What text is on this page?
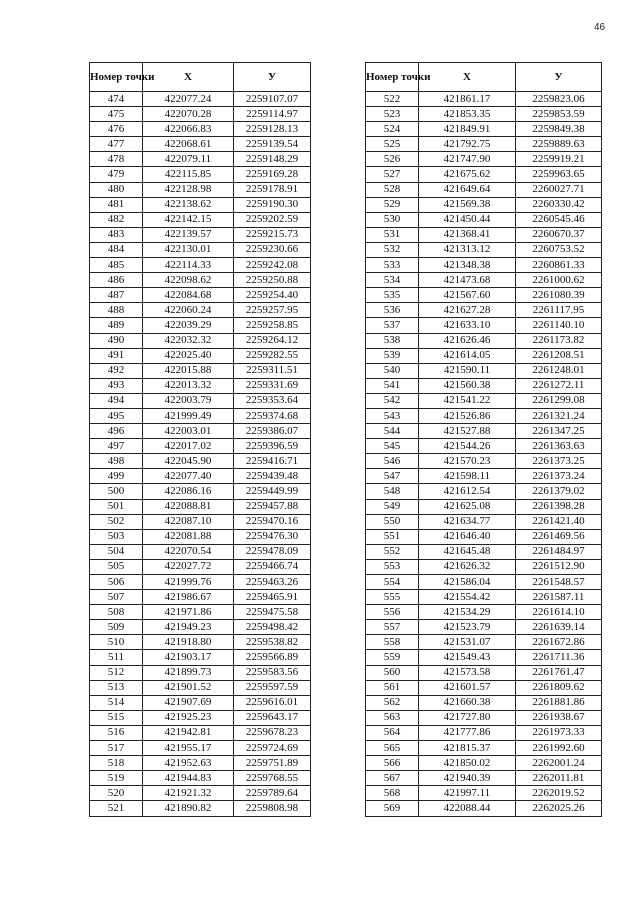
46
Номер точки	X	У
474	422077.24	2259107.07
475	422070.28	2259114.97
476	422066.83	2259128.13
477	422068.61	2259139.54
478	422079.11	2259148.29
479	422115.85	2259169.28
480	422128.98	2259178.91
481	422138.62	2259190.30
482	422142.15	2259202.59
483	422139.57	2259215.73
484	422130.01	2259230.66
485	422114.33	2259242.08
486	422098.62	2259250.88
487	422084.68	2259254.40
488	422060.24	2259257.95
489	422039.29	2259258.85
490	422032.32	2259264.12
491	422025.40	2259282.55
492	422015.88	2259311.51
493	422013.32	2259331.69
494	422003.79	2259353.64
495	421999.49	2259374.68
496	422003.01	2259386.07
497	422017.02	2259396.59
498	422045.90	2259416.71
499	422077.40	2259439.48
500	422086.16	2259449.99
501	422088.81	2259457.88
502	422087.10	2259470.16
503	422081.88	2259476.30
504	422070.54	2259478.09
505	422027.72	2259466.74
506	421999.76	2259463.26
507	421986.67	2259465.91
508	421971.86	2259475.58
509	421949.23	2259498.42
510	421918.80	2259538.82
511	421903.17	2259566.89
512	421899.73	2259583.56
513	421901.52	2259597.59
514	421907.69	2259616.01
515	421925.23	2259643.17
516	421942.81	2259678.23
517	421955.17	2259724.69
518	421952.63	2259751.89
519	421944.83	2259768.55
520	421921.32	2259789.64
521	421890.82	2259808.98
Номер точки	X	У
522	421861.17	2259823.06
523	421853.35	2259853.59
524	421849.91	2259849.38
525	421792.75	2259889.63
526	421747.90	2259919.21
527	421675.62	2259963.65
528	421649.64	2260027.71
529	421569.38	2260330.42
530	421450.44	2260545.46
531	421368.41	2260670.37
532	421313.12	2260753.52
533	421348.38	2260861.33
534	421473.68	2261000.62
535	421567.60	2261080.39
536	421627.28	2261117.95
537	421633.10	2261140.10
538	421626.46	2261173.82
539	421614.05	2261208.51
540	421590.11	2261248.01
541	421560.38	2261272.11
542	421541.22	2261299.08
543	421526.86	2261321.24
544	421527.88	2261347.25
545	421544.26	2261363.63
546	421570.23	2261373.25
547	421598.11	2261373.24
548	421612.54	2261379.02
549	421625.08	2261398.28
550	421634.77	2261421.40
551	421646.40	2261469.56
552	421645.48	2261484.97
553	421626.32	2261512.90
554	421586.04	2261548.57
555	421554.42	2261587.11
556	421534.29	2261614.10
557	421523.79	2261639.14
558	421531.07	2261672.86
559	421549.43	2261711.36
560	421573.58	2261761.47
561	421601.57	2261809.62
562	421660.38	2261881.86
563	421727.80	2261938.67
564	421777.86	2261973.33
565	421815.37	2261992.60
566	421850.02	2262001.24
567	421940.39	2262011.81
568	421997.11	2262019.52
569	422088.44	2262025.26
